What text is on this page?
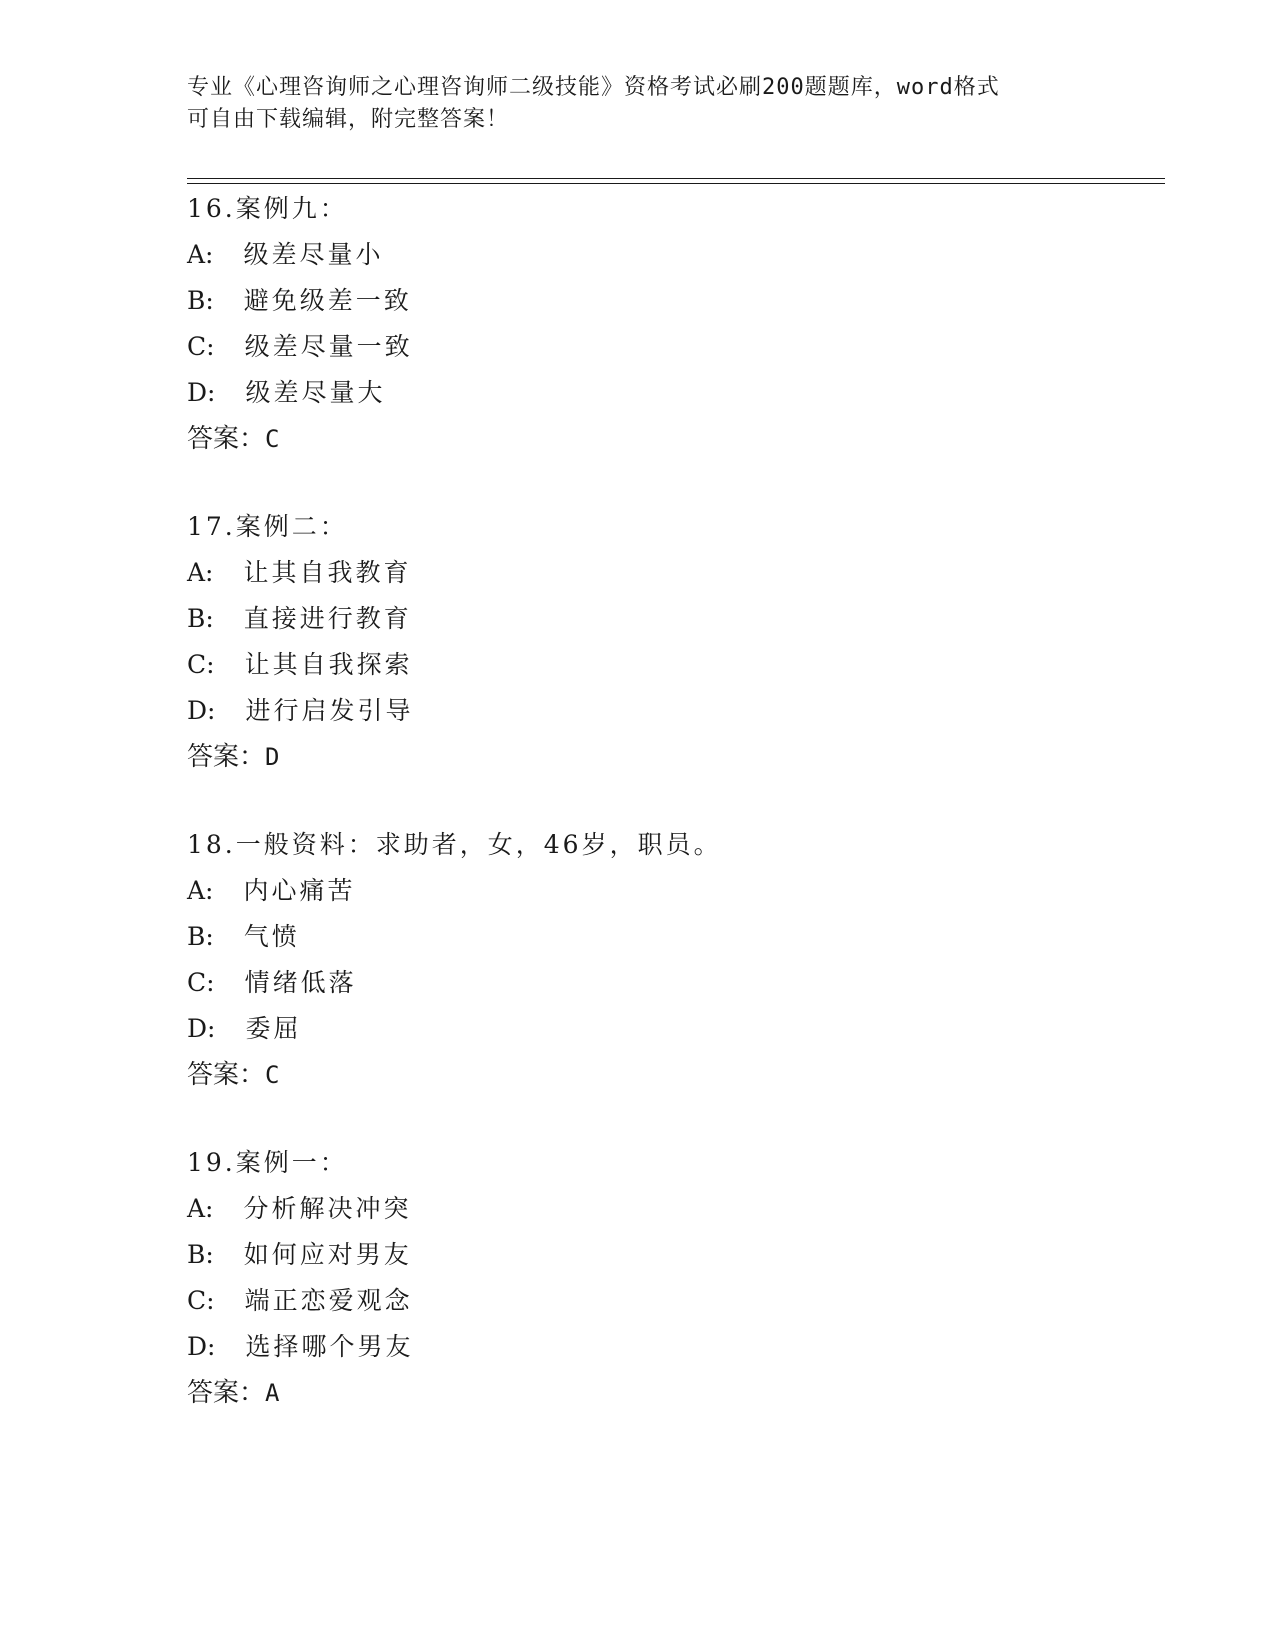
专业《心理咨询师之心理咨询师二级技能》资格考试必刷200题题库，word格式
可自由下载编辑，附完整答案！
16.案例九：
A: 级差尽量小
B: 避免级差一致
C: 级差尽量一致
D: 级差尽量大
答案：C
17.案例二：
A: 让其自我教育
B: 直接进行教育
C: 让其自我探索
D: 进行启发引导
答案：D
18.一般资料：求助者，女，46岁，职员。
A: 内心痛苦
B: 气愤
C: 情绪低落
D: 委屈
答案：C
19.案例一：
A: 分析解决冲突
B: 如何应对男友
C: 端正恋爱观念
D: 选择哪个男友
答案：A
